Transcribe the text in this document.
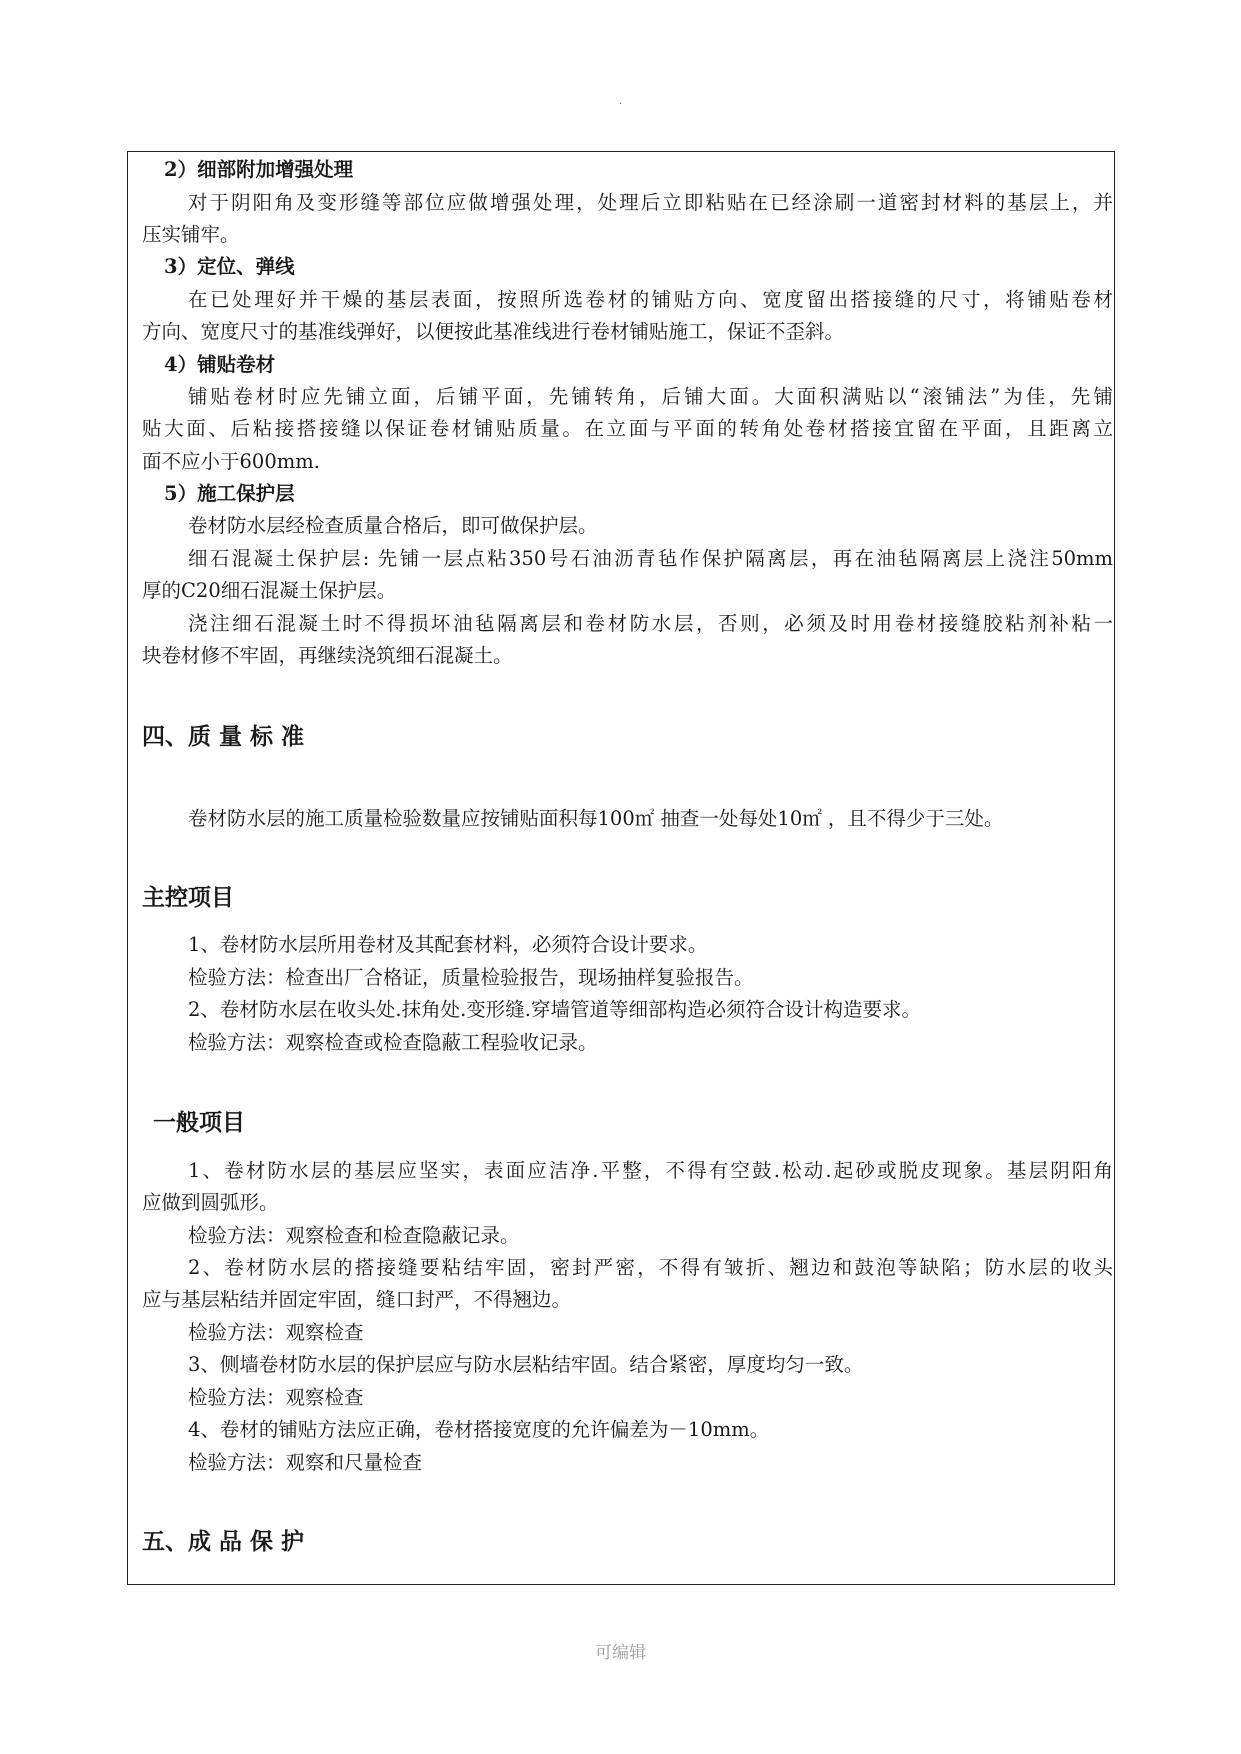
.
2）细部附加增强处理
对于阴阳角及变形缝等部位应做增强处理，处理后立即粘贴在已经涂刷一道密封材料的基层上，并
压实铺牢。
3）定位、弹线
在已处理好并干燥的基层表面，按照所选卷材的铺贴方向、宽度留出搭接缝的尺寸，将铺贴卷材
方向、宽度尺寸的基准线弹好，以便按此基准线进行卷材铺贴施工，保证不歪斜。
4）铺贴卷材
铺贴卷材时应先铺立面，后铺平面，先铺转角，后铺大面。大面积满贴以“滚铺法”为佳，先铺
贴大面、后粘接搭接缝以保证卷材铺贴质量。在立面与平面的转角处卷材搭接宜留在平面，且距离立
面不应小于600mm.
5）施工保护层
卷材防水层经检查质量合格后，即可做保护层。
细石混凝土保护层: 先铺一层点粘350号石油沥青毡作保护隔离层，再在油毡隔离层上浇注50mm
厚的C20细石混凝土保护层。
浇注细石混凝土时不得损坏油毡隔离层和卷材防水层，否则，必须及时用卷材接缝胶粘剂补粘一
块卷材修不牢固，再继续浇筑细石混凝土。
四、质 量 标 准
卷材防水层的施工质量检验数量应按铺贴面积每100㎡ 抽查一处每处10㎡ ，且不得少于三处。
主控项目
1、卷材防水层所用卷材及其配套材料，必须符合设计要求。
检验方法：检查出厂合格证，质量检验报告，现场抽样复验报告。
2、卷材防水层在收头处.抹角处.变形缝.穿墙管道等细部构造必须符合设计构造要求。
检验方法：观察检查或检查隐蔽工程验收记录。
一般项目
1、卷材防水层的基层应坚实，表面应洁净.平整，不得有空鼓.松动.起砂或脱皮现象。基层阴阳角
应做到圆弧形。
检验方法：观察检查和检查隐蔽记录。
2、卷材防水层的搭接缝要粘结牢固，密封严密，不得有皱折、翘边和鼓泡等缺陷；防水层的收头
应与基层粘结并固定牢固，缝口封严，不得翘边。
检验方法：观察检查
3、侧墙卷材防水层的保护层应与防水层粘结牢固。结合紧密，厚度均匀一致。
检验方法：观察检查
4、卷材的铺贴方法应正确，卷材搭接宽度的允许偏差为－10mm。
检验方法：观察和尺量检查
五、成 品 保 护
可编辑
